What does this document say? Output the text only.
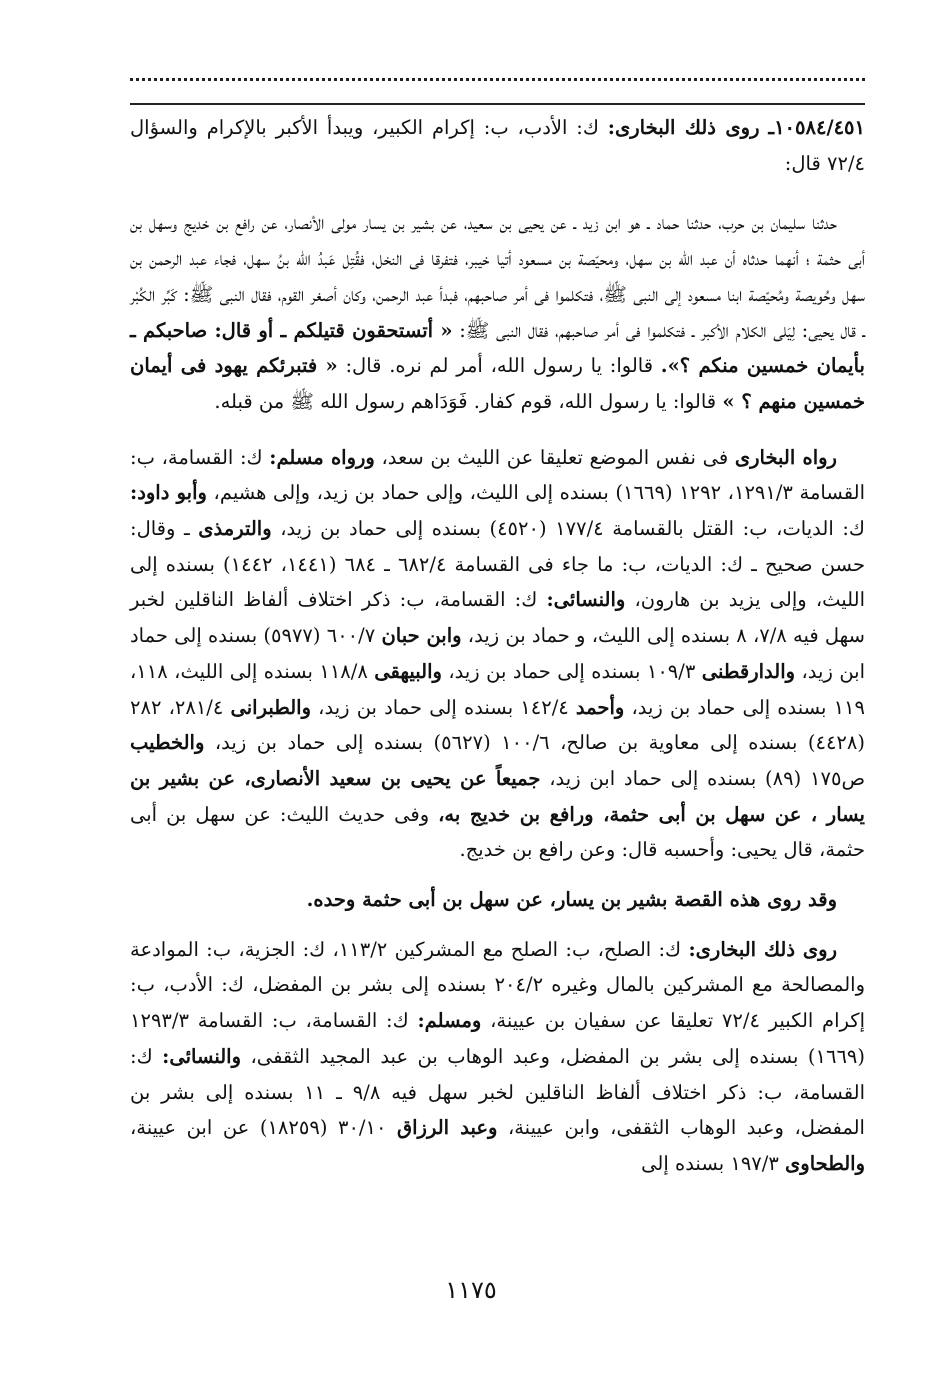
١٠٥٨٤/٤٥١ـ روى ذلك البخارى: ك: الأدب، ب: إكرام الكبير، ويبدأ الأكبر بالإكرام والسؤال ٧٢/٤ قال:

حدثنا سليمان بن حرب، حدثنا حماد ـ هو ابن زيد ـ عن يحيى بن سعيد، عن بشير بن يسار مولى الأنصار، عن رافع بن خديج وسهل بن أبى حثمة ؛ أنهما حدثاه أن عبد الله بن سهل، ومحيّصة بن مسعود أتيا خيبر، فتفرقا فى النخل، فقُتِل عَبدُ الله بنُ سهل، فجاء عبد الرحمن بن سهل وحُويصة ومُحيّصة ابنا مسعود إلى النبى ﷺ، فتكلموا فى أمر صاحبهم، فبدأ عبد الرحمن، وكان أصغر القوم، فقال النبى ﷺ: كَبِّر الكُبْر ـ قال يحيى: لِيَلى الكلام الأكبر ـ فتكلموا فى أمر صاحبهم، فقال النبى ﷺ: « أتستحقون قتيلكم ـ أو قال: صاحبكم ـ بأيمان خمسين منكم ؟». قالوا: يا رسول الله، أمر لم نره. قال: « فتبرئكم يهود فى أيمان خمسين منهم ؟ » قالوا: يا رسول الله، قوم كفار. فَوَدَاهم رسول الله ﷺ من قبله.

رواه البخارى فى نفس الموضع تعليقا عن الليث بن سعد، ورواه مسلم: ك: القسامة، ب: القسامة ١٢٩١/٣، ١٢٩٢ (١٦٦٩) بسنده إلى الليث، وإلى حماد بن زيد، وإلى هشيم، وأبو داود: ك: الديات، ب: القتل بالقسامة ١٧٧/٤ (٤٥٢٠) بسنده إلى حماد بن زيد، والترمذى ـ وقال: حسن صحيح ـ ك: الديات، ب: ما جاء فى القسامة ٦٨٢/٤ ـ ٦٨٤ (١٤٤١، ١٤٤٢) بسنده إلى الليث، وإلى يزيد بن هارون، والنسائى: ك: القسامة، ب: ذكر اختلاف ألفاظ الناقلين لخبر سهل فيه ٧/٨، ٨ بسنده إلى الليث، و حماد بن زيد، وابن حبان ٦٠٠/٧ (٥٩٧٧) بسنده إلى حماد ابن زيد، والدارقطنى ١٠٩/٣ بسنده إلى حماد بن زيد، والبيهقى ١١٨/٨ بسنده إلى الليث، ١١٨، ١١٩ بسنده إلى حماد بن زيد، وأحمد ١٤٢/٤ بسنده إلى حماد بن زيد، والطبرانى ٢٨١/٤، ٢٨٢ (٤٤٢٨) بسنده إلى معاوية بن صالح، ١٠٠/٦ (٥٦٢٧) بسنده إلى حماد بن زيد، والخطيب ص١٧٥ (٨٩) بسنده إلى حماد ابن زيد، جميعاً عن يحيى بن سعيد الأنصارى، عن بشير بن يسار ، عن سهل بن أبى حثمة، ورافع بن خديج به، وفى حديث الليث: عن سهل بن أبى حثمة، قال يحيى: وأحسبه قال: وعن رافع بن خديج.

وقد روى هذه القصة بشير بن يسار، عن سهل بن أبى حثمة وحده.

روى ذلك البخارى: ك: الصلح، ب: الصلح مع المشركين ١١٣/٢، ك: الجزية، ب: الموادعة والمصالحة مع المشركين بالمال وغيره ٢٠٤/٢ بسنده إلى بشر بن المفضل، ك: الأدب، ب: إكرام الكبير ٧٢/٤ تعليقا عن سفيان بن عيينة، ومسلم: ك: القسامة، ب: القسامة ١٢٩٣/٣ (١٦٦٩) بسنده إلى بشر بن المفضل، وعبد الوهاب بن عبد المجيد الثقفى، والنسائى: ك: القسامة، ب: ذكر اختلاف ألفاظ الناقلين لخبر سهل فيه ٩/٨ ـ ١١ بسنده إلى بشر بن المفضل، وعبد الوهاب الثقفى، وابن عيينة، وعبد الرزاق ٣٠/١٠ (١٨٢٥٩) عن ابن عيينة، والطحاوى ١٩٧/٣ بسنده إلى

١١٧٥
